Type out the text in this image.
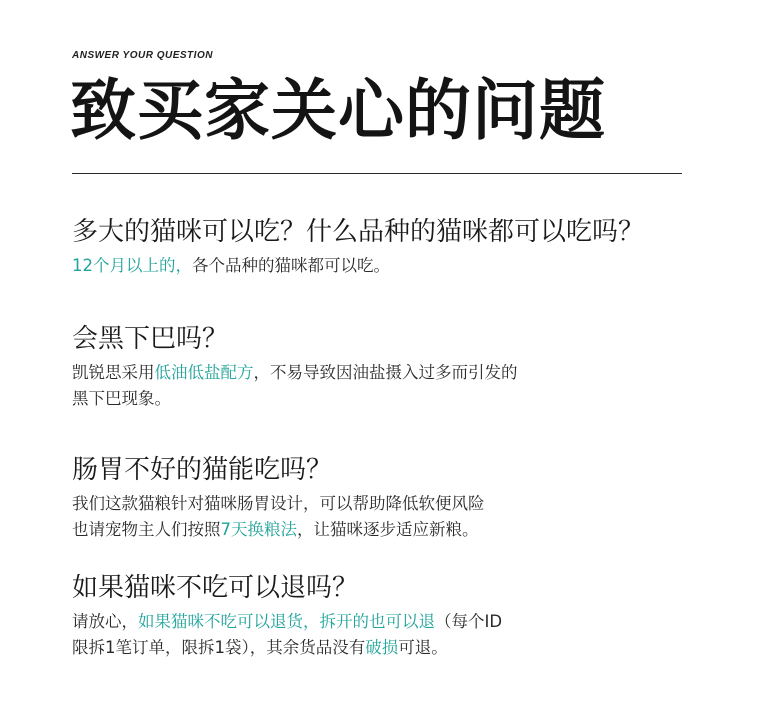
ANSWER YOUR QUESTION
致买家关心的问题
多大的猫咪可以吃？什么品种的猫咪都可以吃吗？
12个月以上的，各个品种的猫咪都可以吃。
会黑下巴吗？
凯锐思采用低油低盐配方，不易导致因油盐摄入过多而引发的
黑下巴现象。
肠胃不好的猫能吃吗？
我们这款猫粮针对猫咪肠胃设计，可以帮助降低软便风险
也请宠物主人们按照7天换粮法，让猫咪逐步适应新粮。
如果猫咪不吃可以退吗？
请放心，如果猫咪不吃可以退货，拆开的也可以退（每个ID
限拆1笔订单，限拆1袋），其余货品没有破损可退。
